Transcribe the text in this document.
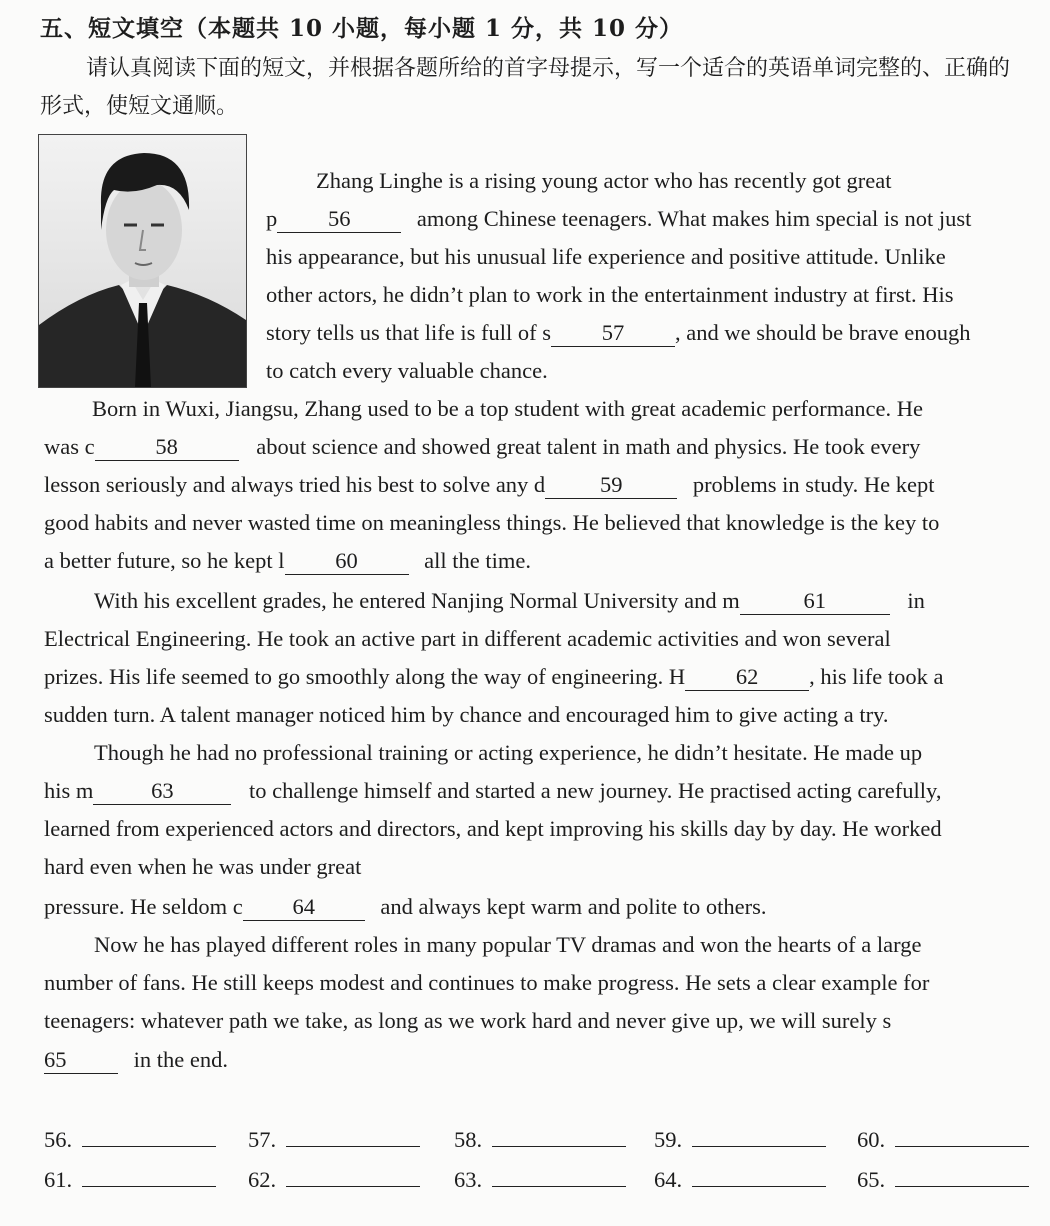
五、短文填空（本题共 10 小题，每小题 1 分，共 10 分）
请认真阅读下面的短文，并根据各题所给的首字母提示，写一个适合的英语单词完整的、正确的形式，使短文通顺。
Zhang Linghe is a rising young actor who has recently got great
p 56	among Chinese teenagers. What makes him special is not just
his appearance, but his unusual life experience and positive attitude. Unlike
other actors, he didn’t plan to work in the entertainment industry at first. His
story tells us that life is full of s 57 , and we should be brave enough
to catch every valuable chance.
Born in Wuxi, Jiangsu, Zhang used to be a top student with great academic performance. He
was c	58	about science and showed great talent in math and physics. He took every
lesson seriously and always tried his best to solve any d 59	problems in study. He kept
good habits and never wasted time on meaningless things. He believed that knowledge is the key to
a better future, so he kept l 60	all the time.
With his excellent grades, he entered Nanjing Normal University and m	61	in
Electrical Engineering. He took an active part in different academic activities and won several
prizes. His life seemed to go smoothly along the way of engineering. H 62 , his life took a
sudden turn. A talent manager noticed him by chance and encouraged him to give acting a try.
Though he had no professional training or acting experience, he didn’t hesitate. He made up
his m	63	to challenge himself and started a new journey. He practised acting carefully,
learned from experienced actors and directors, and kept improving his skills day by day. He worked
hard even when he was under great
pressure. He seldom c 64	and always kept warm and polite to others.
Now he has played different roles in many popular TV dramas and won the hearts of a large
number of fans. He still keeps modest and continues to make progress. He sets a clear example for
teenagers: whatever path we take, as long as we work hard and never give up, we will surely s
65	in the end.
56.	57.	58.	59.	60.
61.	62.	63.	64.	65.
